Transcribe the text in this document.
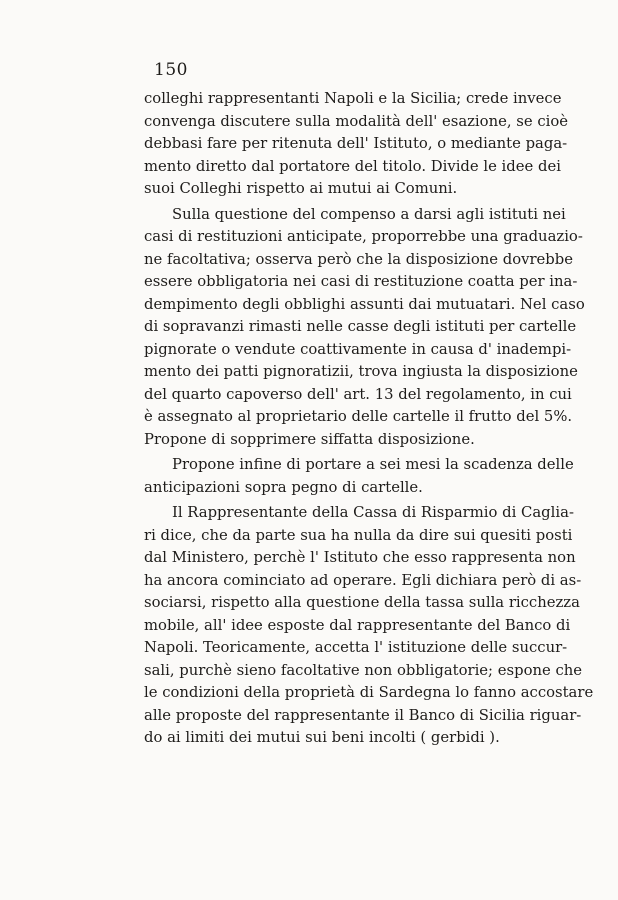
150
colleghi rappresentanti Napoli e la Sicilia; crede invece
convenga discutere sulla modalità dell' esazione, se cioè
debbasi fare per ritenuta dell' Istituto, o mediante paga-
mento diretto dal portatore del titolo. Divide le idee dei
suoi Colleghi rispetto ai mutui ai Comuni.
Sulla questione del compenso a darsi agli istituti nei
casi di restituzioni anticipate, proporrebbe una graduazio-
ne facoltativa; osserva però che la disposizione dovrebbe
essere obbligatoria nei casi di restituzione coatta per ina-
dempimento degli obblighi assunti dai mutuatari. Nel caso
di sopravanzi rimasti nelle casse degli istituti per cartelle
pignorate o vendute coattivamente in causa d' inadempi-
mento dei patti pignoratizii, trova ingiusta la disposizione
del quarto capoverso dell' art. 13 del regolamento, in cui
è assegnato al proprietario delle cartelle il frutto del 5%.
Propone di sopprimere siffatta disposizione.
Propone infine di portare a sei mesi la scadenza delle
anticipazioni sopra pegno di cartelle.
Il Rappresentante della Cassa di Risparmio di Caglia-
ri dice, che da parte sua ha nulla da dire sui quesiti posti
dal Ministero, perchè l' Istituto che esso rappresenta non
ha ancora cominciato ad operare. Egli dichiara però di as-
sociarsi, rispetto alla questione della tassa sulla ricchezza
mobile, all' idee esposte dal rappresentante del Banco di
Napoli. Teoricamente, accetta l' istituzione delle succur-
sali, purchè sieno facoltative non obbligatorie; espone che
le condizioni della proprietà di Sardegna lo fanno accostare
alle proposte del rappresentante il Banco di Sicilia riguar-
do ai limiti dei mutui sui beni incolti ( gerbidi ).
